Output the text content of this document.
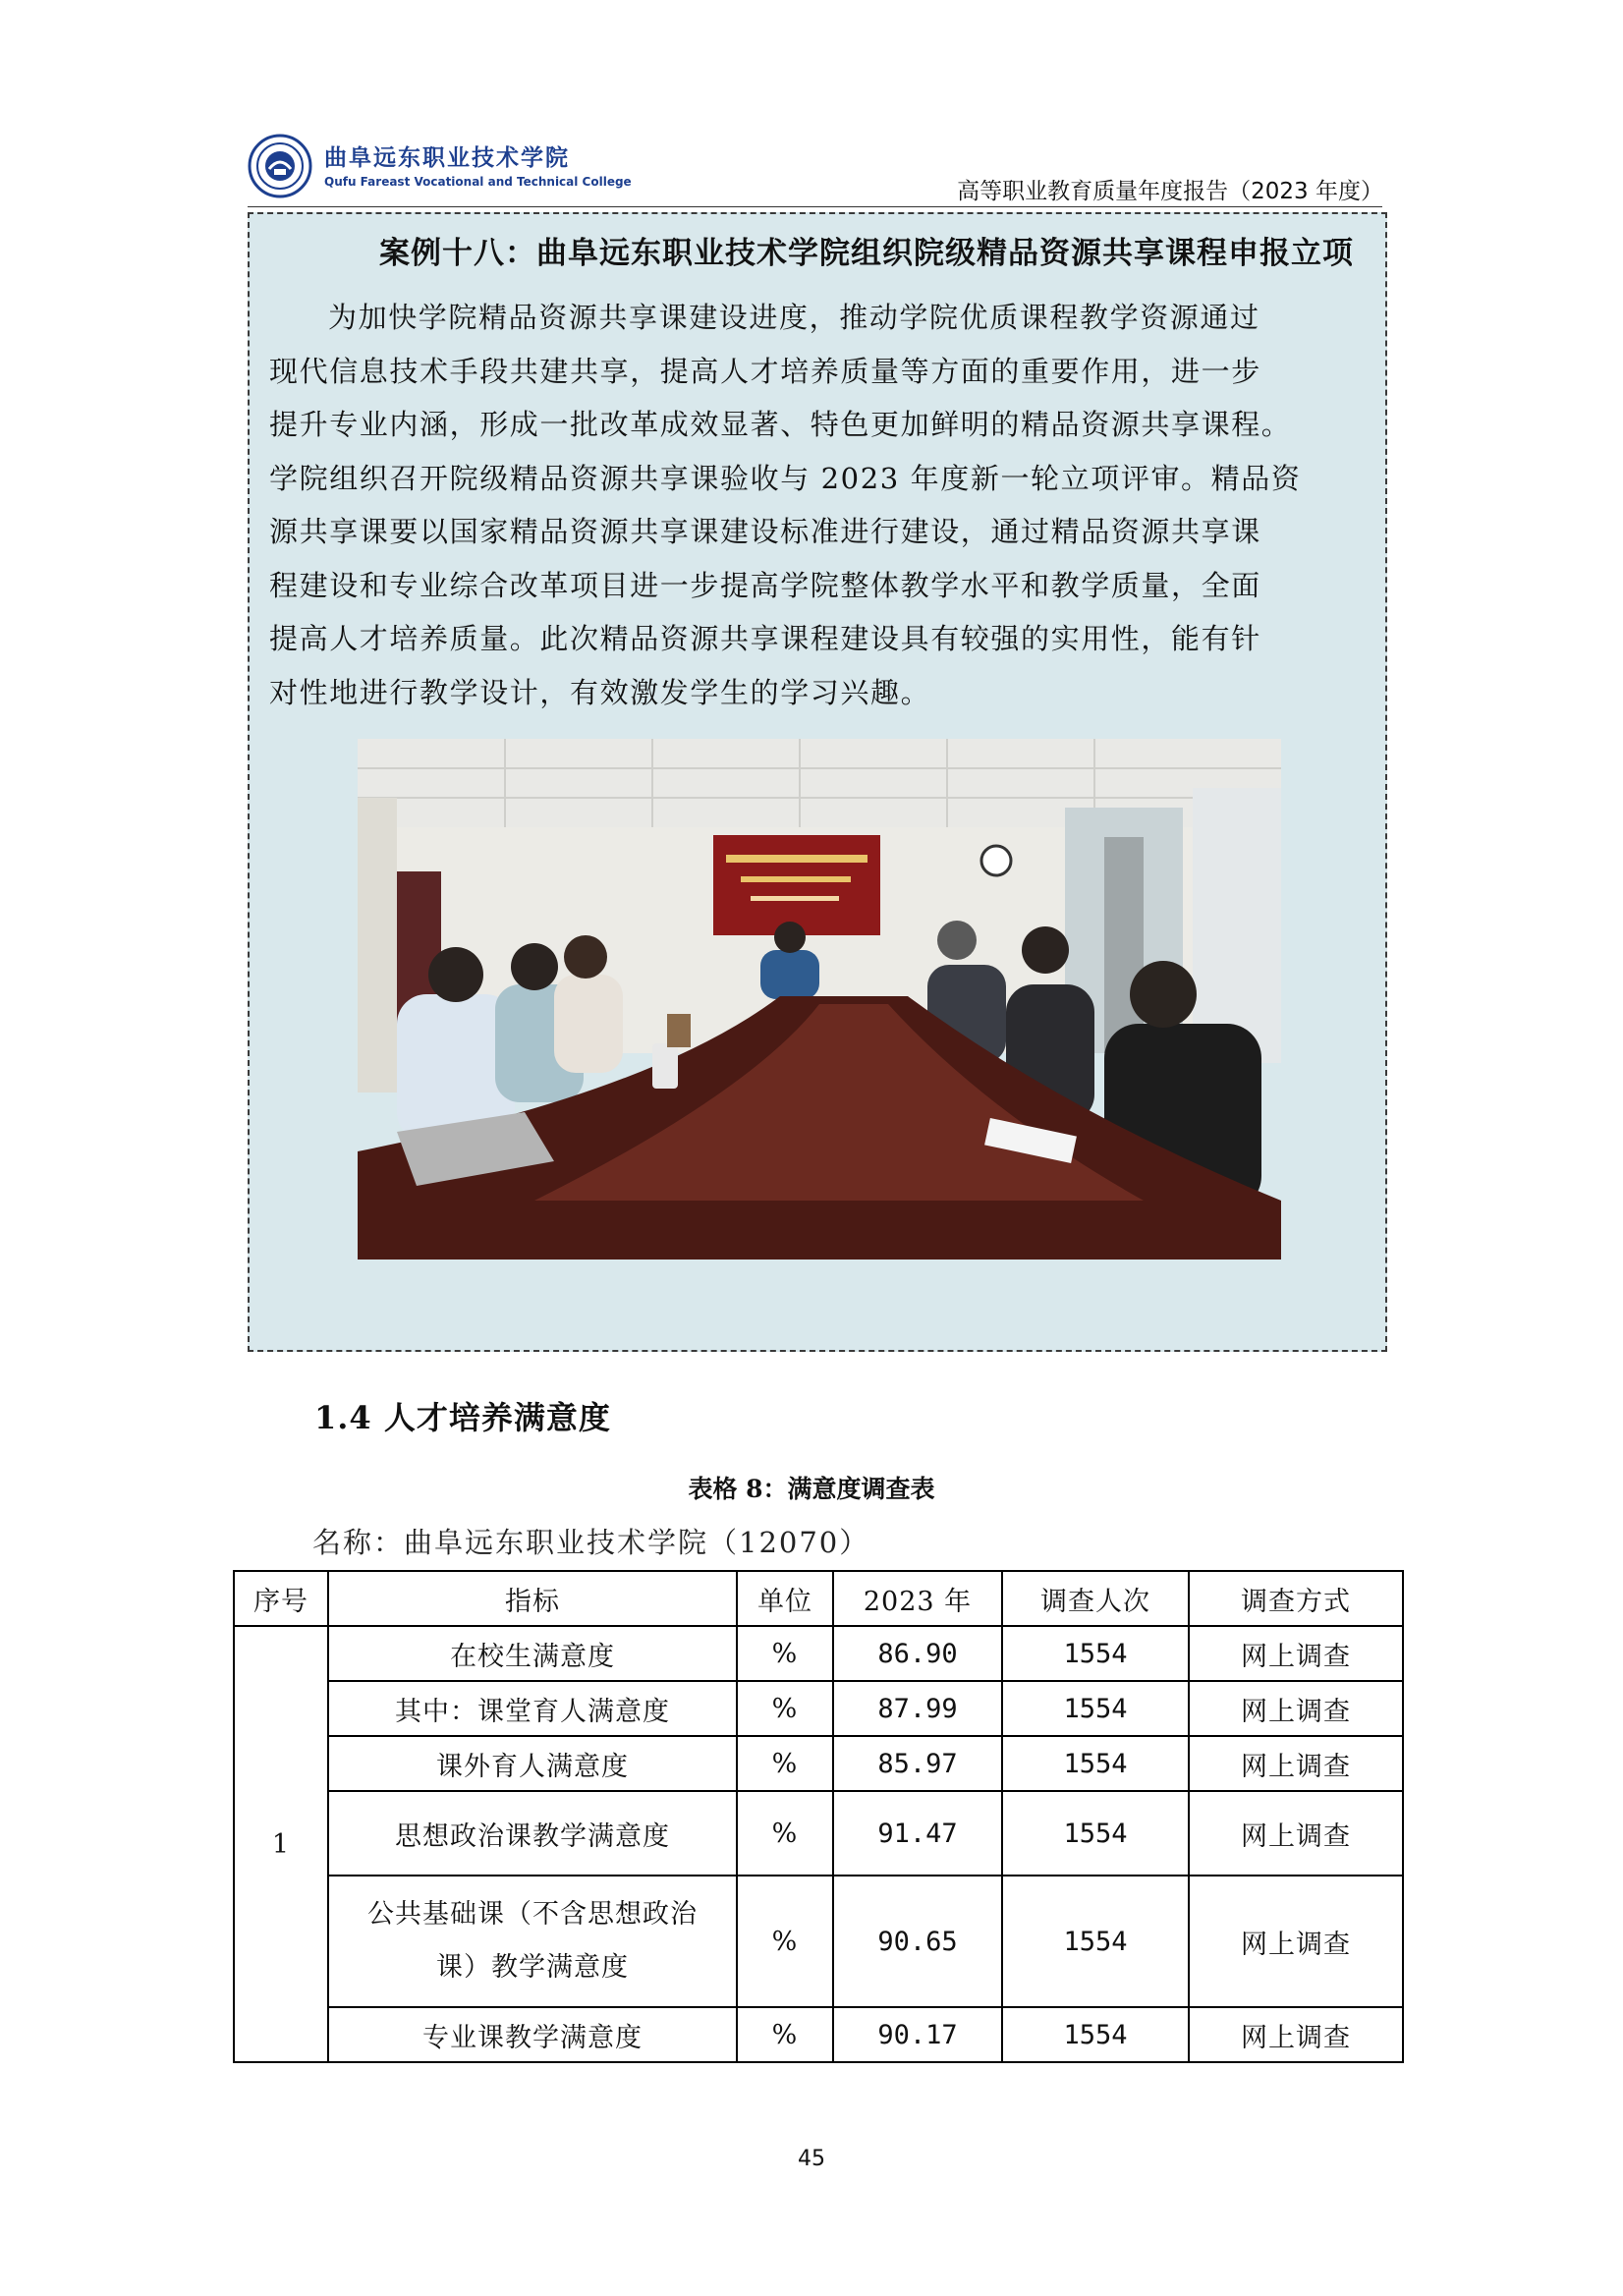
曲阜远东职业技术学院
Qufu Fareast Vocational and Technical College	高等职业教育质量年度报告（2023 年度）
案例十八：曲阜远东职业技术学院组织院级精品资源共享课程申报立项
为加快学院精品资源共享课建设进度，推动学院优质课程教学资源通过
现代信息技术手段共建共享，提高人才培养质量等方面的重要作用，进一步
提升专业内涵，形成一批改革成效显著、特色更加鲜明的精品资源共享课程。
学院组织召开院级精品资源共享课验收与 2023 年度新一轮立项评审。精品资
源共享课要以国家精品资源共享课建设标准进行建设，通过精品资源共享课
程建设和专业综合改革项目进一步提高学院整体教学水平和教学质量，全面
提高人才培养质量。此次精品资源共享课程建设具有较强的实用性，能有针
对性地进行教学设计，有效激发学生的学习兴趣。
1.4 人才培养满意度
表格 8：满意度调查表
名称：曲阜远东职业技术学院（12070）
序号	指标	单位	2023 年	调查人次	调查方式
1	在校生满意度	%	86.90	1554	网上调查
	其中：课堂育人满意度	%	87.99	1554	网上调查
	课外育人满意度	%	85.97	1554	网上调查
	思想政治课教学满意度	%	91.47	1554	网上调查

	公共基础课（不含思想政治
课）教学满意度	%	90.65	1554	网上调查
	专业课教学满意度	%	90.17	1554	网上调查
45
